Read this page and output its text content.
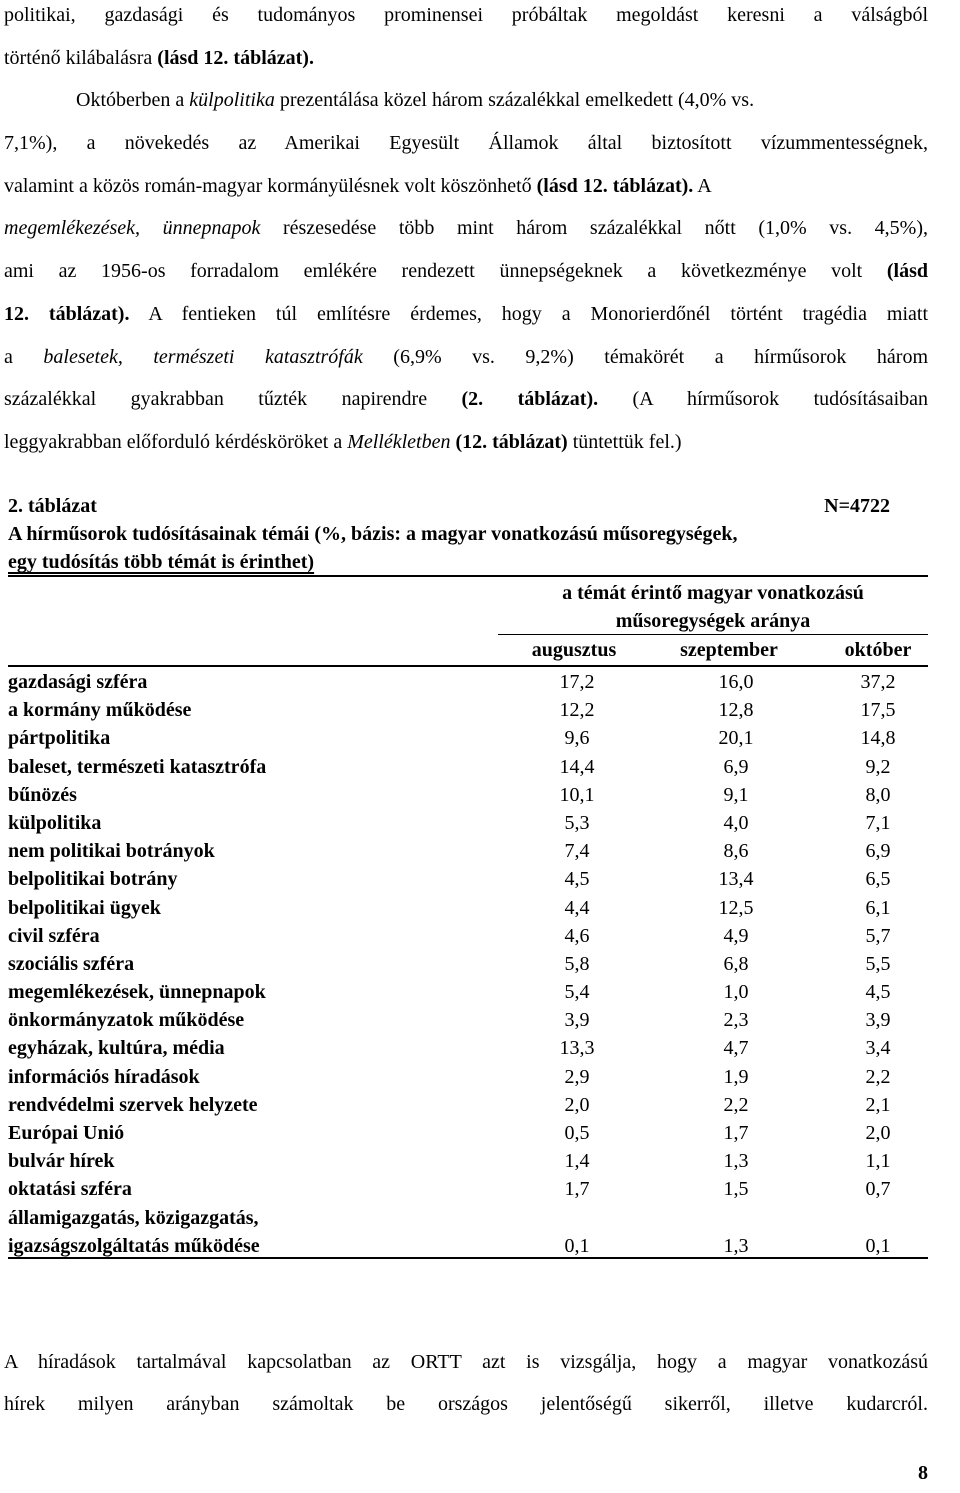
politikai, gazdasági és tudományos prominensei próbáltak megoldást keresni a válságból
történő kilábalásra (lásd 12. táblázat).
Októberben a külpolitika prezentálása közel három százalékkal emelkedett (4,0% vs.
7,1%), a növekedés az Amerikai Egyesült Államok által biztosított vízummentességnek,
valamint a közös román-magyar kormányülésnek volt köszönhető (lásd 12. táblázat). A
megemlékezések, ünnepnapok részesedése több mint három százalékkal nőtt (1,0% vs. 4,5%),
ami az 1956-os forradalom emlékére rendezett ünnepségeknek a következménye volt (lásd
12. táblázat). A fentieken túl említésre érdemes, hogy a Monorierdőnél történt tragédia miatt
a balesetek, természeti katasztrófák (6,9% vs. 9,2%) témakörét a hírműsorok három
százalékkal gyakrabban tűzték napirendre (2. táblázat). (A hírműsorok tudósításaiban
leggyakrabban előforduló kérdésköröket a Mellékletben (12. táblázat) tüntettük fel.)
2. táblázat	N=4722
A hírműsorok tudósításainak témái (%, bázis: a magyar vonatkozású műsoregységek,
egy tudósítás több témát is érinthet)
a témát érintő magyar vonatkozású
műsoregységek aránya
augusztus	szeptember	október
gazdasági szféra	17,2	16,0	37,2
a kormány működése	12,2	12,8	17,5
pártpolitika	9,6	20,1	14,8
baleset, természeti katasztrófa	14,4	6,9	9,2
bűnözés	10,1	9,1	8,0
külpolitika	5,3	4,0	7,1
nem politikai botrányok	7,4	8,6	6,9
belpolitikai botrány	4,5	13,4	6,5
belpolitikai ügyek	4,4	12,5	6,1
civil szféra	4,6	4,9	5,7
szociális szféra	5,8	6,8	5,5
megemlékezések, ünnepnapok	5,4	1,0	4,5
önkormányzatok működése	3,9	2,3	3,9
egyházak, kultúra, média	13,3	4,7	3,4
információs híradások	2,9	1,9	2,2
rendvédelmi szervek helyzete	2,0	2,2	2,1
Európai Unió	0,5	1,7	2,0
bulvár hírek	1,4	1,3	1,1
oktatási szféra	1,7	1,5	0,7
államigazgatás, közigazgatás,
igazságszolgáltatás működése	0,1	1,3	0,1
A híradások tartalmával kapcsolatban az ORTT azt is vizsgálja, hogy a magyar vonatkozású
hírek milyen arányban számoltak be országos jelentőségű sikerről, illetve kudarcról.
8
